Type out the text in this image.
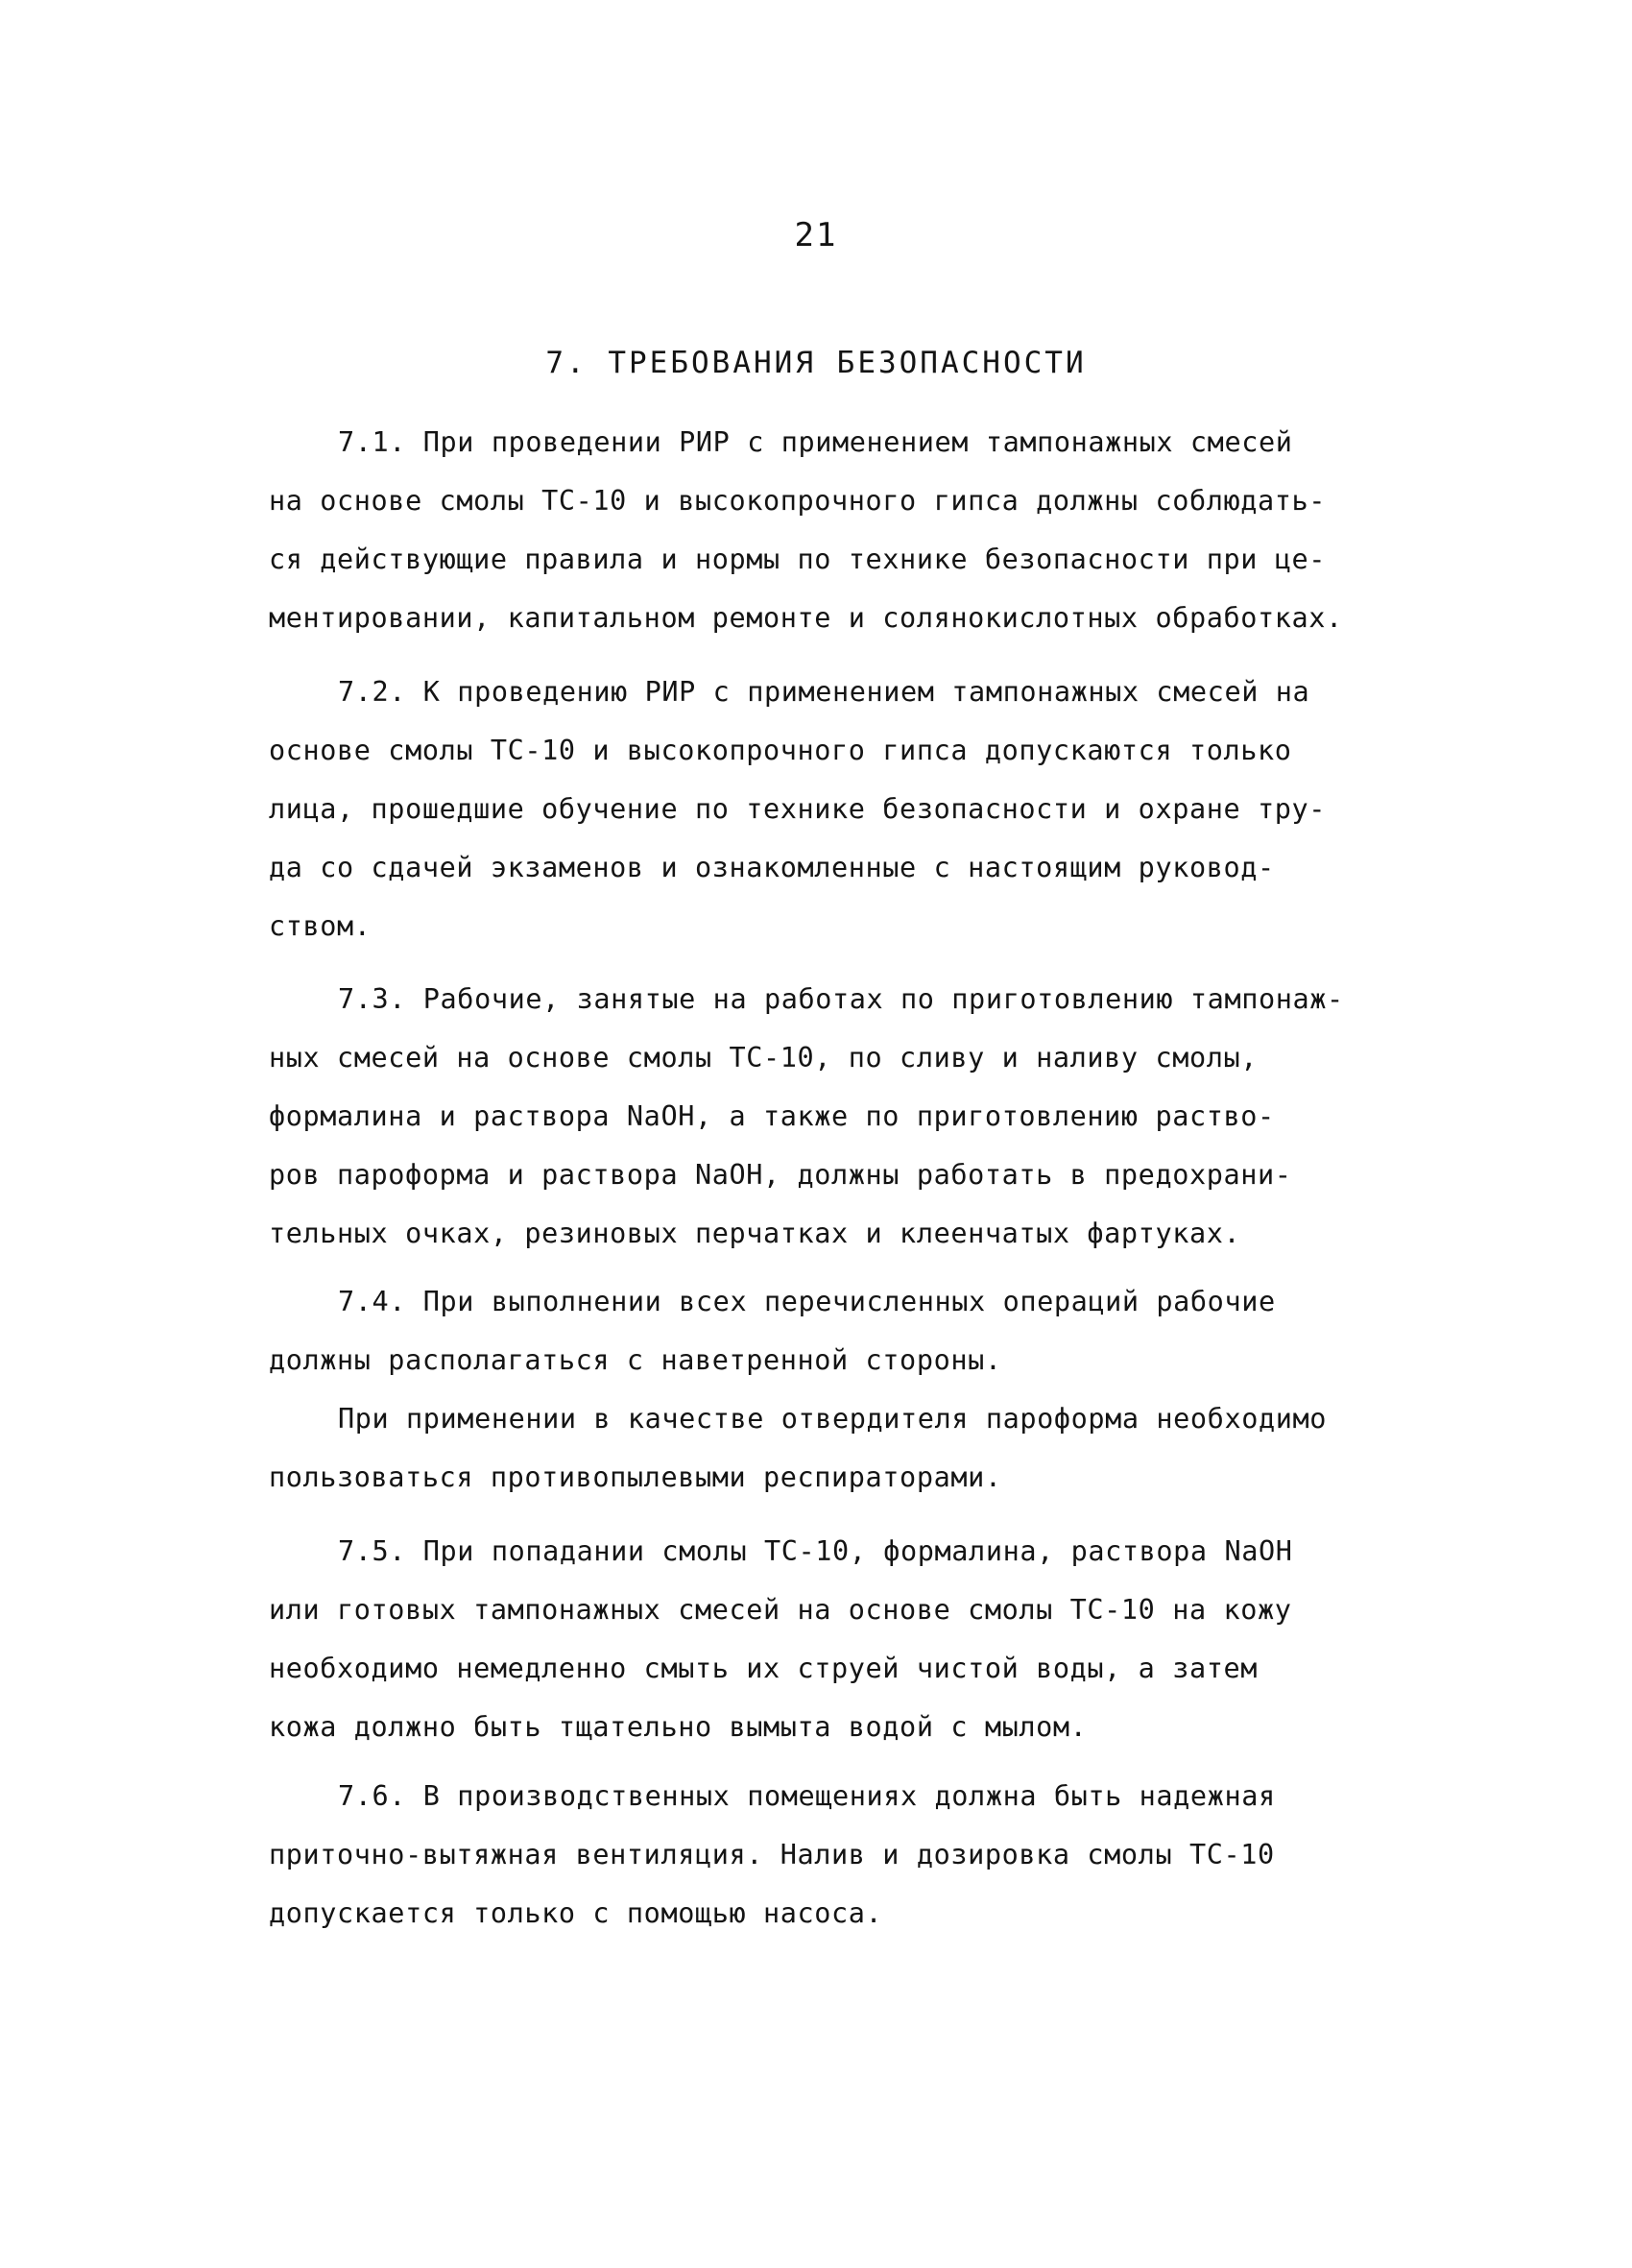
21
7. ТРЕБОВАНИЯ БЕЗОПАСНОСТИ

7.1. При проведении РИР с применением тампонажных смесей
на основе смолы ТС-10 и высокопрочного гипса должны соблюдать-
ся действующие правила и нормы по технике безопасности при це-
ментировании, капитальном ремонте и солянокислотных обработках.

7.2. К проведению РИР с применением тампонажных смесей на
основе смолы ТС-10 и высокопрочного гипса допускаются только
лица, прошедшие обучение по технике безопасности и охране тру-
да со сдачей экзаменов и ознакомленные с настоящим руковод-
ством.

7.3. Рабочие, занятые на работах по приготовлению тампонаж-
ных смесей на основе смолы ТС-10, по сливу и наливу смолы,
формалина и раствора NaOH, а также по приготовлению раство-
ров пароформа и раствора NaOH, должны работать в предохрани-
тельных очках, резиновых перчатках и клеенчатых фартуках.

7.4. При выполнении всех перечисленных операций рабочие
должны располагаться с наветренной стороны.

При применении в качестве отвердителя пароформа необходимо
пользоваться противопылевыми респираторами.

7.5. При попадании смолы ТС-10, формалина, раствора NaOH
или готовых тампонажных смесей на основе смолы ТС-10 на кожу
необходимо немедленно смыть их струей чистой воды, а затем
кожа должно быть тщательно вымыта водой с мылом.

7.6. В производственных помещениях должна быть надежная
приточно-вытяжная вентиляция. Налив и дозировка смолы ТС-10
допускается только с помощью насоса.
